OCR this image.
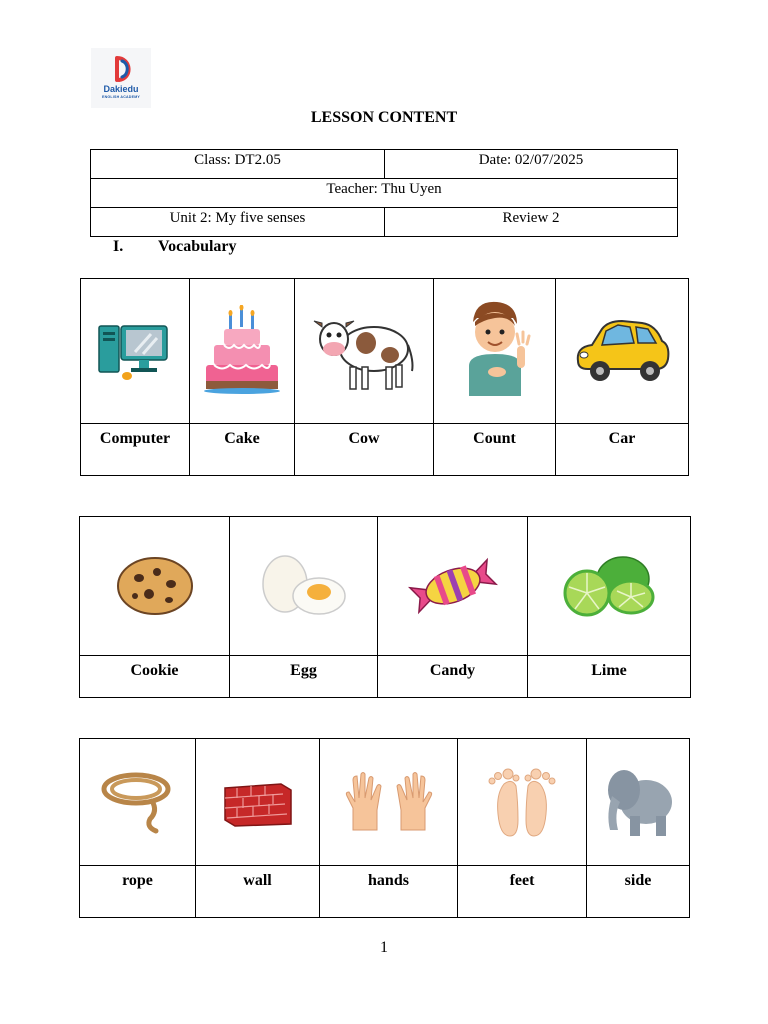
Dakiedu
ENGLISH ACADEMY
LESSON CONTENT
Class: DT2.05	Date: 02/07/2025
Teacher: Thu Uyen	
Unit 2: My five senses	Review 2
I. Vocabulary

Computer	Cake	Cow	Count	Car

Cookie	Egg	Candy	Lime

rope	wall	hands	feet	side
1
